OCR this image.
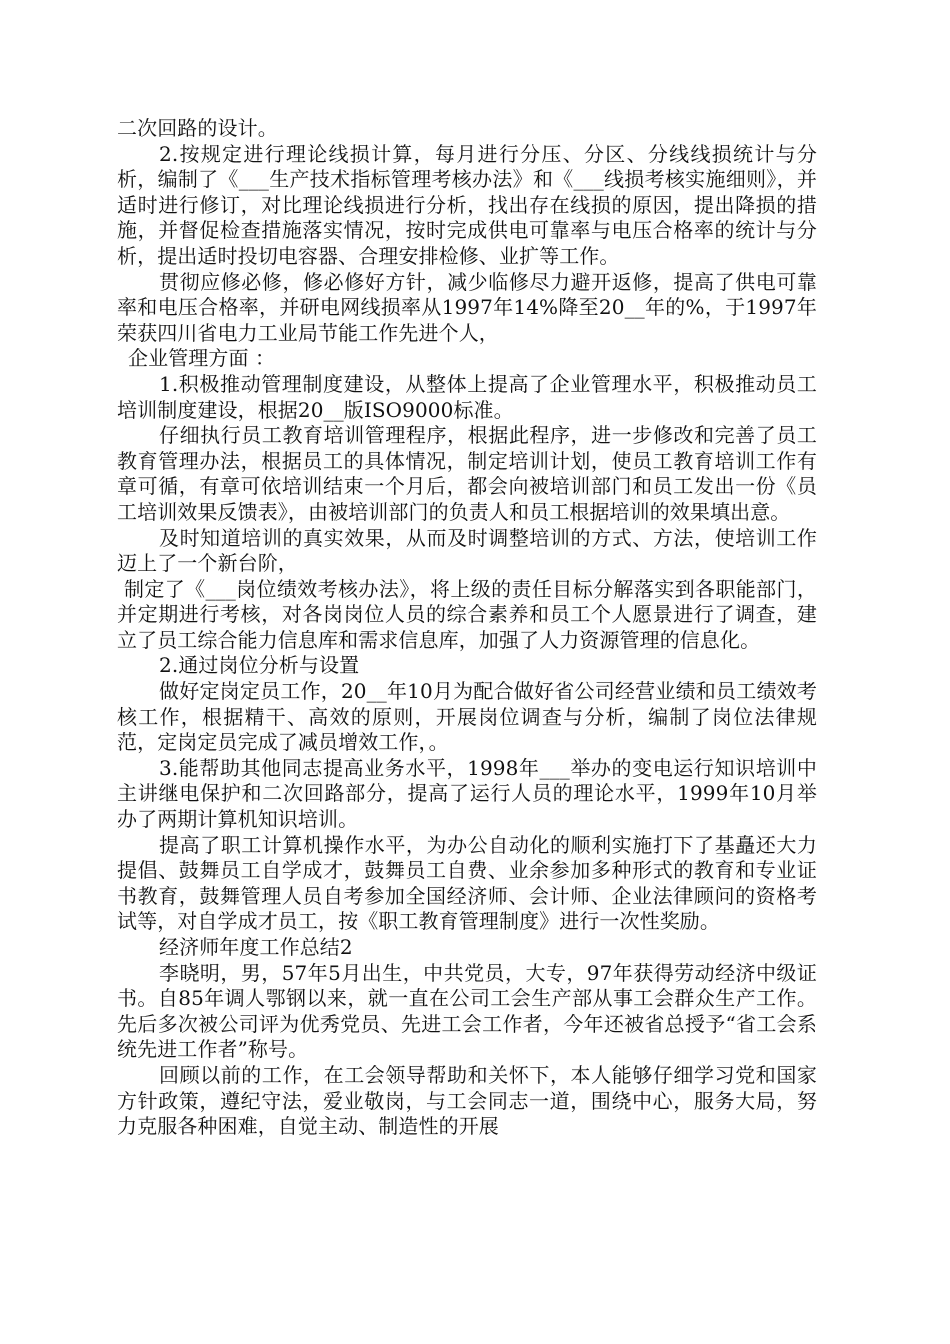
二次回路的设计。

2.按规定进行理论线损计算，每月进行分压、分区、分线线损统计与分析，编制了《___生产技术指标管理考核办法》和《___线损考核实施细则》，并适时进行修订，对比理论线损进行分析，找出存在线损的原因，提出降损的措施，并督促检查措施落实情况，按时完成供电可靠率与电压合格率的统计与分析，提出适时投切电容器、合理安排检修、业扩等工作。

贯彻应修必修，修必修好方针，减少临修尽力避开返修，提高了供电可靠率和电压合格率，并研电网线损率从1997年14%降至20__年的%，于1997年荣获四川省电力工业局节能工作先进个人，

企业管理方面 ：

1.积极推动管理制度建设，从整体上提高了企业管理水平，积极推动员工培训制度建设，根据20__版ISO9000标准。

仔细执行员工教育培训管理程序，根据此程序，进一步修改和完善了员工教育管理办法，根据员工的具体情况，制定培训计划，使员工教育培训工作有章可循，有章可依培训结束一个月后，都会向被培训部门和员工发出一份《员工培训效果反馈表》，由被培训部门的负责人和员工根据培训的效果填出意。

及时知道培训的真实效果，从而及时调整培训的方式、方法，使培训工作迈上了一个新台阶，

制定了《___岗位绩效考核办法》，将上级的责任目标分解落实到各职能部门，并定期进行考核，对各岗岗位人员的综合素养和员工个人愿景进行了调查，建立了员工综合能力信息库和需求信息库，加强了人力资源管理的信息化。

2.通过岗位分析与设置

做好定岗定员工作，20__年10月为配合做好省公司经营业绩和员工绩效考核工作，根据精干、高效的原则，开展岗位调查与分析，编制了岗位法律规范，定岗定员完成了减员增效工作，。

3.能帮助其他同志提高业务水平，1998年___举办的变电运行知识培训中主讲继电保护和二次回路部分，提高了运行人员的理论水平，1999年10月举办了两期计算机知识培训。

提高了职工计算机操作水平，为办公自动化的顺利实施打下了基矗还大力提倡、鼓舞员工自学成才，鼓舞员工自费、业余参加多种形式的教育和专业证书教育，鼓舞管理人员自考参加全国经济师、会计师、企业法律顾问的资格考试等，对自学成才员工，按《职工教育管理制度》进行一次性奖励。

经济师年度工作总结2

李晓明，男，57年5月出生，中共党员，大专，97年获得劳动经济中级证书。自85年调人鄂钢以来，就一直在公司工会生产部从事工会群众生产工作。先后多次被公司评为优秀党员、先进工会工作者，今年还被省总授予“省工会系统先进工作者”称号。

回顾以前的工作，在工会领导帮助和关怀下，本人能够仔细学习党和国家方针政策，遵纪守法，爱业敬岗，与工会同志一道，围绕中心，服务大局，努力克服各种困难，自觉主动、制造性的开展
